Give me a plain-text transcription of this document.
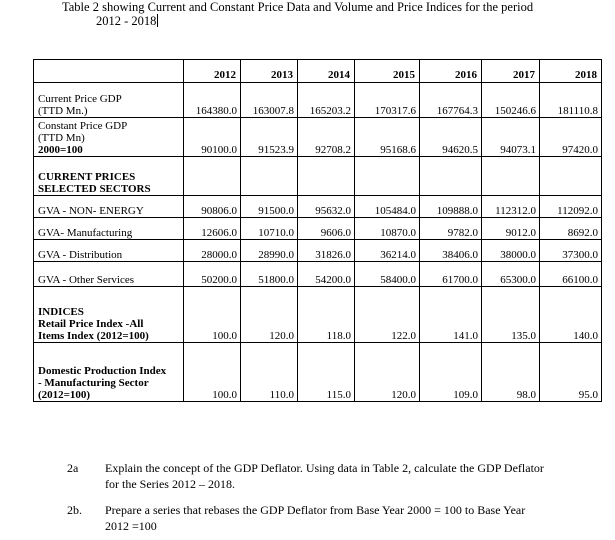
Table 2 showing Current and Constant Price Data and Volume and Price Indices for the period
2012 - 2018
	2012	2013	2014	2015	2016	2017	2018

Current Price GDP
(TTD Mn.)	164380.0	163007.8	165203.2	170317.6	167764.3	150246.6	181110.8

Constant Price GDP
(TTD Mn)
2000=100	90100.0	91523.9	92708.2	95168.6	94620.5	94073.1	97420.0

CURRENT PRICES
SELECTED SECTORS							

GVA - NON- ENERGY	90806.0	91500.0	95632.0	105484.0	109888.0	112312.0	112092.0
GVA- Manufacturing	12606.0	10710.0	9606.0	10870.0	9782.0	9012.0	8692.0
GVA - Distribution	28000.0	28990.0	31826.0	36214.0	38406.0	38000.0	37300.0
GVA - Other Services	50200.0	51800.0	54200.0	58400.0	61700.0	65300.0	66100.0

INDICES
Retail Price Index -All
Items Index (2012=100)	100.0	120.0	118.0	122.0	141.0	135.0	140.0

Domestic Production Index
- Manufacturing Sector
(2012=100)	100.0	110.0	115.0	120.0	109.0	98.0	95.0
2a Explain the concept of the GDP Deflator. Using data in Table 2, calculate the GDP Deflator
for the Series 2012 – 2018.
2b. Prepare a series that rebases the GDP Deflator from Base Year 2000 = 100 to Base Year
2012 =100
